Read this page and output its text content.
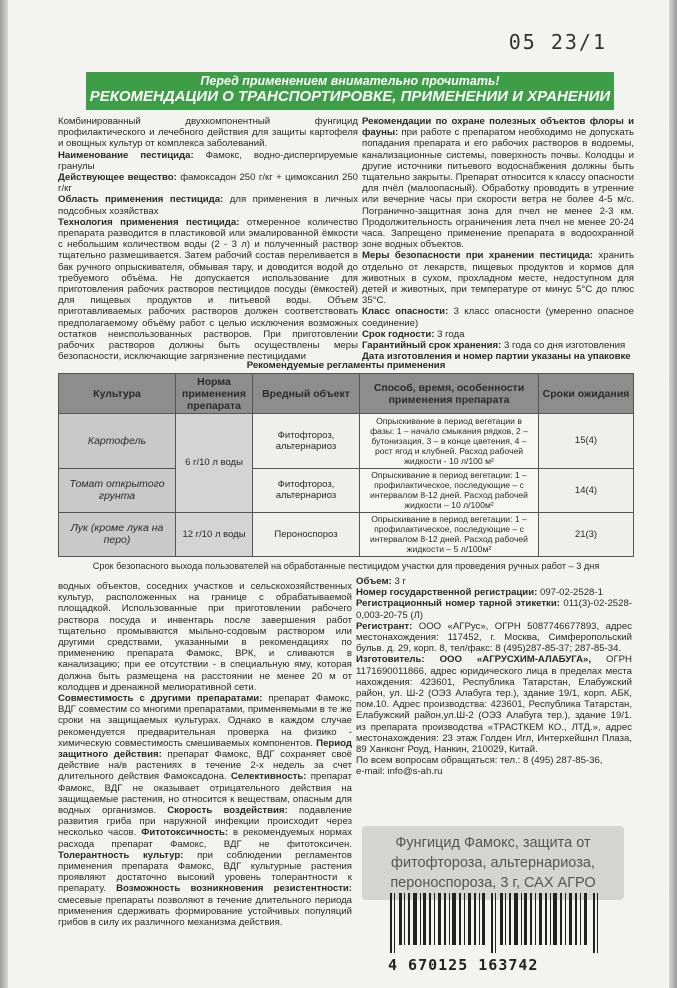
05 23/1
Перед применением внимательно прочитать!
РЕКОМЕНДАЦИИ О ТРАНСПОРТИРОВКЕ, ПРИМЕНЕНИИ И ХРАНЕНИИ

Комбинированный двухкомпонентный фунгицид профилактического и лечебного действия для защиты картофеля и овощных культур от комплекса заболеваний.

Наименование пестицида: Фамокс, водно-диспергируемые гранулы

Действующее вещество: фамоксадон 250 г/кг + цимоксанил 250 г/кг

Область применения пестицида: для применения в личных подсобных хозяйствах

Технология применения пестицида: отмеренное количество препарата разводится в пластиковой или эмалированной ёмкости с небольшим количеством воды (2 - 3 л) и полученный раствор тщательно размешивается. Затем рабочий состав переливается в бак ручного опрыскивателя, обмывая тару, и доводится водой до требуемого объёма. Не допускается использование для приготовления рабочих растворов пестицидов посуды (ёмкостей) для пищевых продуктов и питьевой воды. Объем приготавливаемых рабочих растворов должен соответствовать предполагаемому объёму работ с целью исключения возможных остатков неиспользованных растворов. При приготовлении рабочих растворов должны быть осуществлены меры безопасности, исключающие загрязнение пестицидами

Рекомендации по охране полезных объектов флоры и фауны: при работе с препаратом необходимо не допускать попадания препарата и его рабочих растворов в водоемы, канализационные системы, поверхность почвы. Колодцы и другие источники питьевого водоснабжения должны быть тщательно закрыты. Препарат относится к классу опасности для пчёл (малоопасный). Обработку проводить в утренние или вечерние часы при скорости ветра не более 4-5 м/с. Погранично-защитная зона для пчел не менее 2-3 км. Продолжительность ограничения лета пчел не менее 20-24 часа. Запрещено применение препарата в водоохранной зоне водных объектов.

Меры безопасности при хранении пестицида: хранить отдельно от лекарств, пищевых продуктов и кормов для животных в сухом, прохладном месте, недоступном для детей и животных, при температуре от минус 5°С до плюс 35°С.

Класс опасности: 3 класс опасности (умеренно опасное соединение)

Срок годности: 3 года

Гарантийный срок хранения: 3 года со дня изготовления

Дата изготовления и номер партии указаны на упаковке

Рекомендуемые регламенты применения
Культура	Норма применения препарата	Вредный объект	Способ, время, особенности применения препарата	Сроки ожидания
Картофель	6 г/10 л воды	Фитофтороз, альтернариоз	Опрыскивание в период вегетации в фазы: 1 – начало смыкания рядков, 2 – бутонизация, 3 – в конце цветения, 4 – рост ягод и клубней. Расход рабочей жидкости - 10 л/100 м²	15(4)
Томат открытого грунта		Фитофтороз, альтернариоз	Опрыскивание в период вегетации: 1 – профилактическое, последующие – с интервалом 8-12 дней. Расход рабочей жидкости – 10 л/100м²	14(4)
Лук (кроме лука на перо)	12 г/10 л воды	Пероноспороз	Опрыскивание в период вегетации: 1 – профилактическое, последующие – с интервалом 8-12 дней. Расход рабочей жидкости – 5 л/100м²	21(3)
Срок безопасного выхода пользователей на обработанные пестицидом участки для проведения ручных работ – 3 дня

водных объектов, соседних участков и сельскохозяйственных культур, расположенных на границе с обрабатываемой площадкой. Использованные при приготовлении рабочего раствора посуда и инвентарь после завершения работ тщательно промываются мыльно-содовым раствором или другими средствами, указанными в рекомендациях по применению препарата Фамокс, ВРК, и сливаются в канализацию; при ее отсутствии - в специальную яму, которая должна быть размещена на расстоянии не менее 20 м от колодцев и дренажной мелиоративной сети.

Совместимость с другими препаратами: препарат Фамокс, ВДГ совместим со многими препаратами, применяемыми в те же сроки на защищаемых культурах. Однако в каждом случае рекомендуется предварительная проверка на физико - химическую совместимость смешиваемых компонентов. Период защитного действия: препарат Фамокс, ВДГ сохраняет своё действие на/в растениях в течение 2-х недель за счет длительного действия Фамоксадона. Селективность: препарат Фамокс, ВДГ не оказывает отрицательного действия на защищаемые растения, но относится к веществам, опасным для водных организмов. Скорость воздействия: подавление развития гриба при наружной инфекции происходит через несколько часов. Фитотоксичность: в рекомендуемых нормах расхода препарат Фамокс, ВДГ не фитотоксичен. Толерантность культур: при соблюдении регламентов применения препарата Фамокс, ВДГ культурные растения проявляют достаточно высокий уровень толерантности к препарату. Возможность возникновения резистентности: смесевые препараты позволяют в течение длительного периода применения сдерживать формирование устойчивых популяций грибов в силу их различного механизма действия.

Объем: 3 г

Номер государственной регистрации: 097-02-2528-1

Регистрационный номер тарной этикетки: 011(3)-02-2528-0,003-20-75 (Л)

Регистрант: ООО «АГРус», ОГРН 5087746677893, адрес местонахождения: 117452, г. Москва, Симферопольский бульв. д. 29, корп. 8, тел/факс: 8 (495)287-85-37; 287-85-34.

Изготовитель: ООО «АГРУСХИМ-АЛАБУГА», ОГРН 1171690011866, адрес юридического лица в пределах места нахождения: 423601, Республика Татарстан, Елабужский район, ул. Ш-2 (ОЭЗ Алабуга тер.), здание 19/1, корп. АБК, пом.10. Адрес производства: 423601, Республика Татарстан, Елабужский район,ул.Ш-2 (ОЭЗ Алабуга тер.), здание 19/1. из препарата производства «ТРАСТКЕМ КО., ЛТД.», адрес местонахождения: 23 этаж Голден Игл, Интерхейшнл Плаза, 89 Ханконг Роуд, Нанкин, 210029, Китай.

По всем вопросам обращаться: тел.: 8 (495) 287-85-36,

e-mail: info@s-ah.ru

Фунгицид Фамокс, защита от фитофтороза, альтернариоза, пероноспороза, 3 г, САХ АГРО
4 670125 163742
